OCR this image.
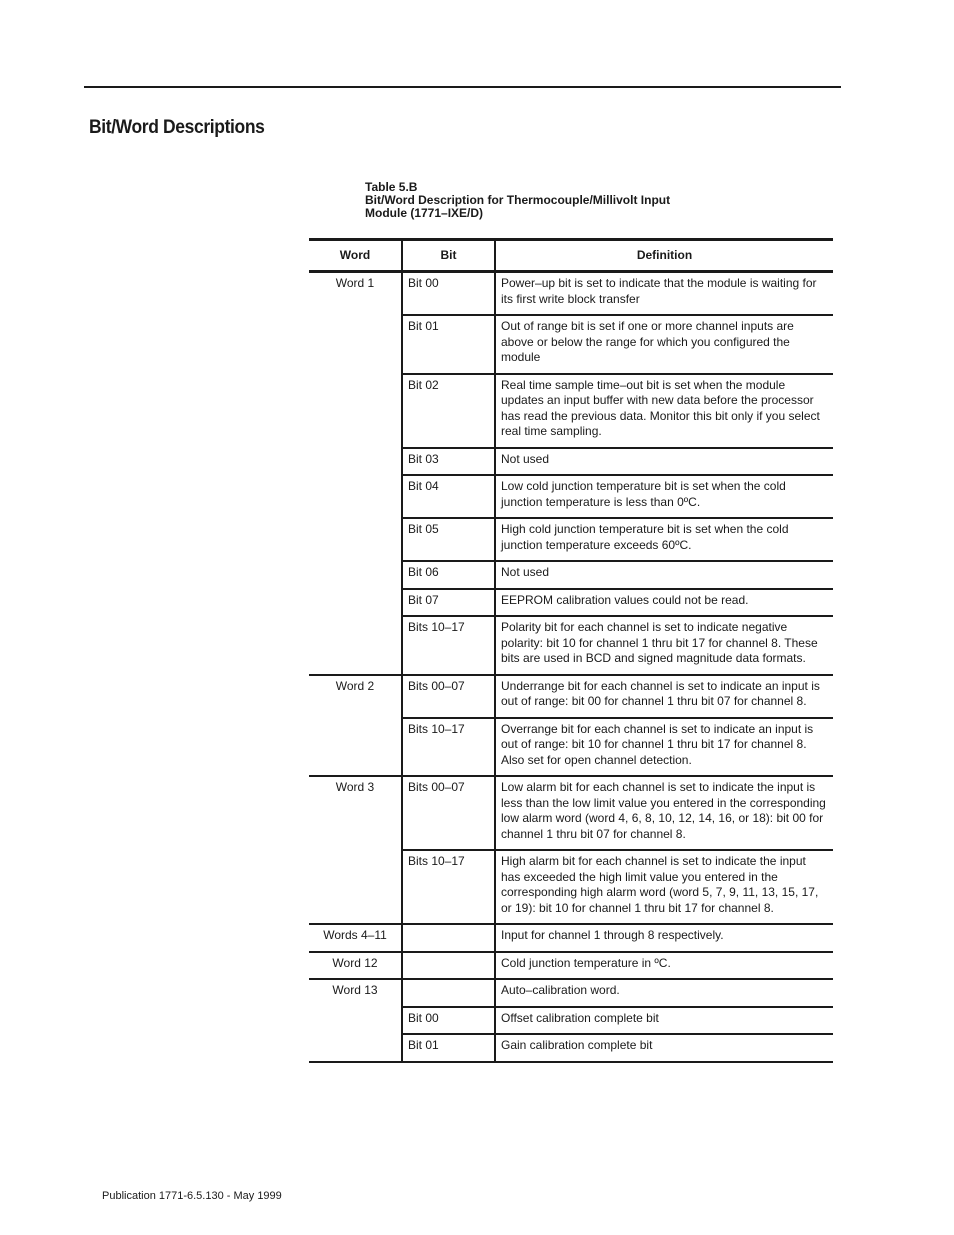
Bit/Word Descriptions
Table 5.B
Bit/Word Description for Thermocouple/Millivolt Input
Module (1771–IXE/D)
Word	Bit	Definition
Word 1	Bit 00	Power–up bit is set to indicate that the module is waiting for its first write block transfer
	Bit 01	Out of range bit is set if one or more channel inputs are above or below the range for which you configured the module
	Bit 02	Real time sample time–out bit is set when the module updates an input buffer with new data before the processor has read the previous data. Monitor this bit only if you select real time sampling.
	Bit 03	Not used
	Bit 04	Low cold junction temperature bit is set when the cold junction temperature is less than 0ºC.
	Bit 05	High cold junction temperature bit is set when the cold junction temperature exceeds 60ºC.
	Bit 06	Not used
	Bit 07	EEPROM calibration values could not be read.
	Bits 10–17	Polarity bit for each channel is set to indicate negative polarity: bit 10 for channel 1 thru bit 17 for channel 8. These bits are used in BCD and signed magnitude data formats.
Word 2	Bits 00–07	Underrange bit for each channel is set to indicate an input is out of range: bit 00 for channel 1 thru bit 07 for channel 8.
	Bits 10–17	Overrange bit for each channel is set to indicate an input is out of range: bit 10 for channel 1 thru bit 17 for channel 8. Also set for open channel detection.
Word 3	Bits 00–07	Low alarm bit for each channel is set to indicate the input is less than the low limit value you entered in the corresponding low alarm word (word 4, 6, 8, 10, 12, 14, 16, or 18): bit 00 for channel 1 thru bit 07 for channel 8.
	Bits 10–17	High alarm bit for each channel is set to indicate the input has exceeded the high limit value you entered in the corresponding high alarm word (word 5, 7, 9, 11, 13, 15, 17, or 19): bit 10 for channel 1 thru bit 17 for channel 8.
Words 4–11		Input for channel 1 through 8 respectively.
Word 12		Cold junction temperature in ºC.
Word 13		Auto–calibration word.
	Bit 00	Offset calibration complete bit
	Bit 01	Gain calibration complete bit
Publication 1771-6.5.130 - May 1999
